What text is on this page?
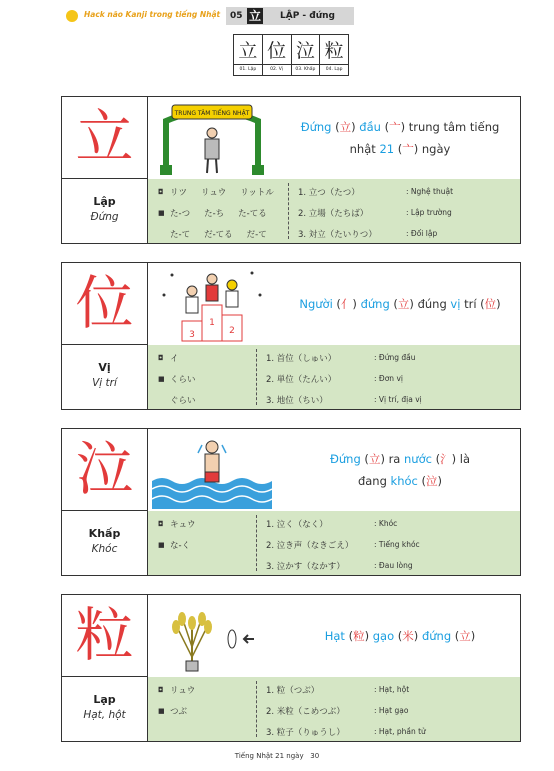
Hack não Kanji trong tiếng Nhật 05 立 LẬP - đứng
立
01. Lập
位
02. Vị
泣
03. Khấp
粒
04. Lạp
立	TRUNG TÂM TIẾNG NHẬT
Đứng (立) đầu (亠) trung tâm tiếng
nhật 21 (亠) ngày
Lập
Đứng
◘ リツ リュウ リットル
■ た-つ た-ち た-てる
た-て だ-てる だ-て
1. 立つ（たつ）	: Nghệ thuật
2. 立場（たちば）	: Lập trường
3. 対立（たいりつ）	: Đối lập
位	1
2
3
Người (亻) đứng (立) đúng vị trí (位)
Vị
Vị trí
◘ イ
■ くらい
ぐらい
1. 首位（しゅい）	: Đứng đầu
2. 単位（たんい）	: Đơn vị
3. 地位（ちい）	: Vị trí, địa vị
泣	Đứng (立) ra nước (氵) là
đang khóc (泣)
Khấp
Khóc
◘ キュウ
■ な-く
1. 泣く（なく）	: Khóc
2. 泣き声（なきごえ）	: Tiếng khóc
3. 泣かす（なかす）	: Đau lòng
粒	Hạt (粒) gạo (米) đứng (立)
Lạp
Hạt, hột
◘ リュウ
■ つぶ
1. 粒（つぶ）	: Hạt, hột
2. 米粒（こめつぶ）	: Hạt gạo
3. 粒子（りゅうし）	: Hạt, phần tử
Tiếng Nhật 21 ngày 30
